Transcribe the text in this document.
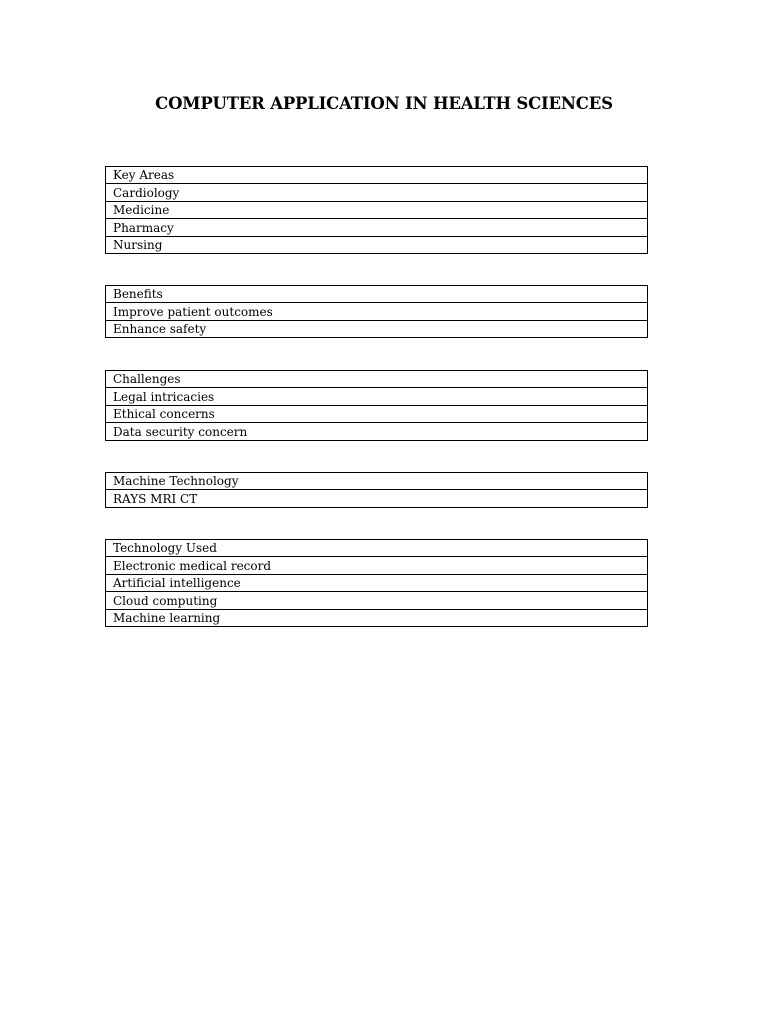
COMPUTER APPLICATION IN HEALTH SCIENCES
Key Areas
Cardiology
Medicine
Pharmacy
Nursing
Benefits
Improve patient outcomes
Enhance safety
Challenges
Legal intricacies
Ethical concerns
Data security concern
Machine Technology
RAYS MRI CT
Technology Used
Electronic medical record
Artificial intelligence
Cloud computing
Machine learning
